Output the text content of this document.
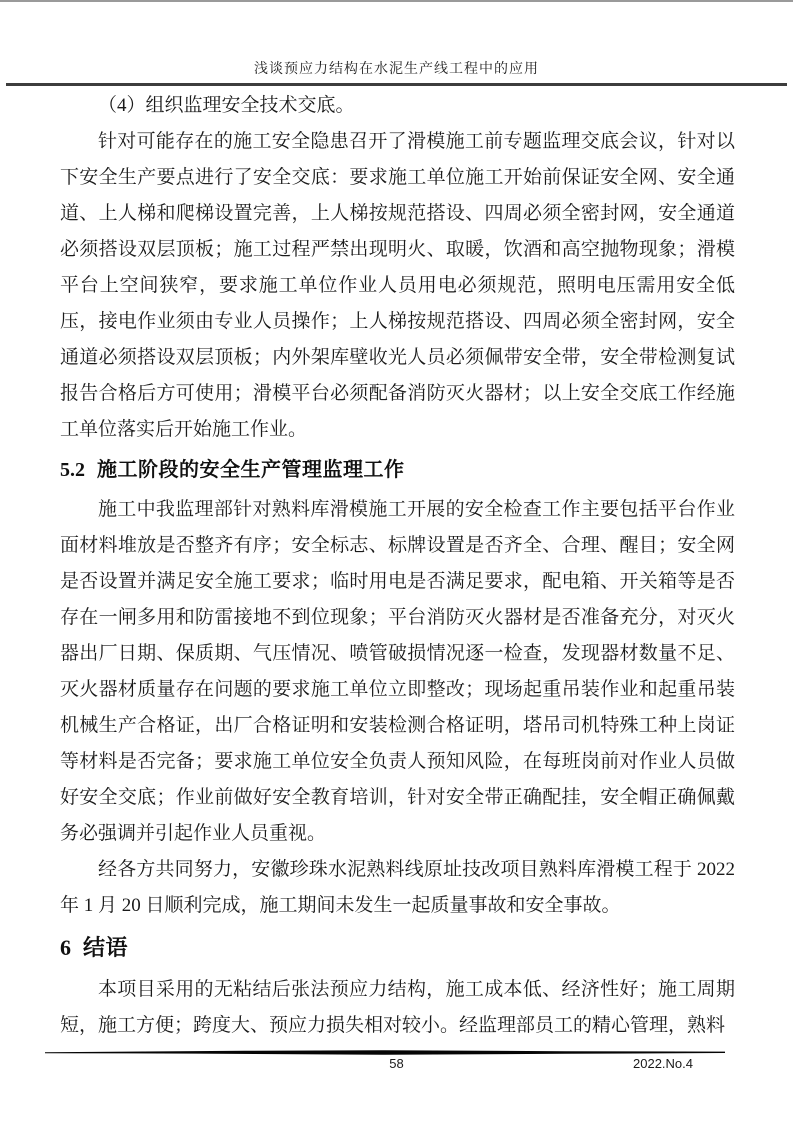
浅谈预应力结构在水泥生产线工程中的应用

（4）组织监理安全技术交底。

针对可能存在的施工安全隐患召开了滑模施工前专题监理交底会议，针对以下安全生产要点进行了安全交底：要求施工单位施工开始前保证安全网、安全通道、上人梯和爬梯设置完善，上人梯按规范搭设、四周必须全密封网，安全通道必须搭设双层顶板；施工过程严禁出现明火、取暖，饮酒和高空抛物现象；滑模平台上空间狭窄，要求施工单位作业人员用电必须规范，照明电压需用安全低压，接电作业须由专业人员操作；上人梯按规范搭设、四周必须全密封网，安全通道必须搭设双层顶板；内外架库壁收光人员必须佩带安全带，安全带检测复试报告合格后方可使用；滑模平台必须配备消防灭火器材；以上安全交底工作经施工单位落实后开始施工作业。

5.2 施工阶段的安全生产管理监理工作

施工中我监理部针对熟料库滑模施工开展的安全检查工作主要包括平台作业面材料堆放是否整齐有序；安全标志、标牌设置是否齐全、合理、醒目；安全网是否设置并满足安全施工要求；临时用电是否满足要求，配电箱、开关箱等是否存在一闸多用和防雷接地不到位现象；平台消防灭火器材是否准备充分，对灭火器出厂日期、保质期、气压情况、喷管破损情况逐一检查，发现器材数量不足、灭火器材质量存在问题的要求施工单位立即整改；现场起重吊装作业和起重吊装机械生产合格证，出厂合格证明和安装检测合格证明，塔吊司机特殊工种上岗证等材料是否完备；要求施工单位安全负责人预知风险，在每班岗前对作业人员做好安全交底；作业前做好安全教育培训，针对安全带正确配挂，安全帽正确佩戴务必强调并引起作业人员重视。

经各方共同努力，安徽珍珠水泥熟料线原址技改项目熟料库滑模工程于 2022 年 1 月 20 日顺利完成，施工期间未发生一起质量事故和安全事故。

6 结语

本项目采用的无粘结后张法预应力结构，施工成本低、经济性好；施工周期短，施工方便；跨度大、预应力损失相对较小。经监理部员工的精心管理，熟料

58	2022.No.4
